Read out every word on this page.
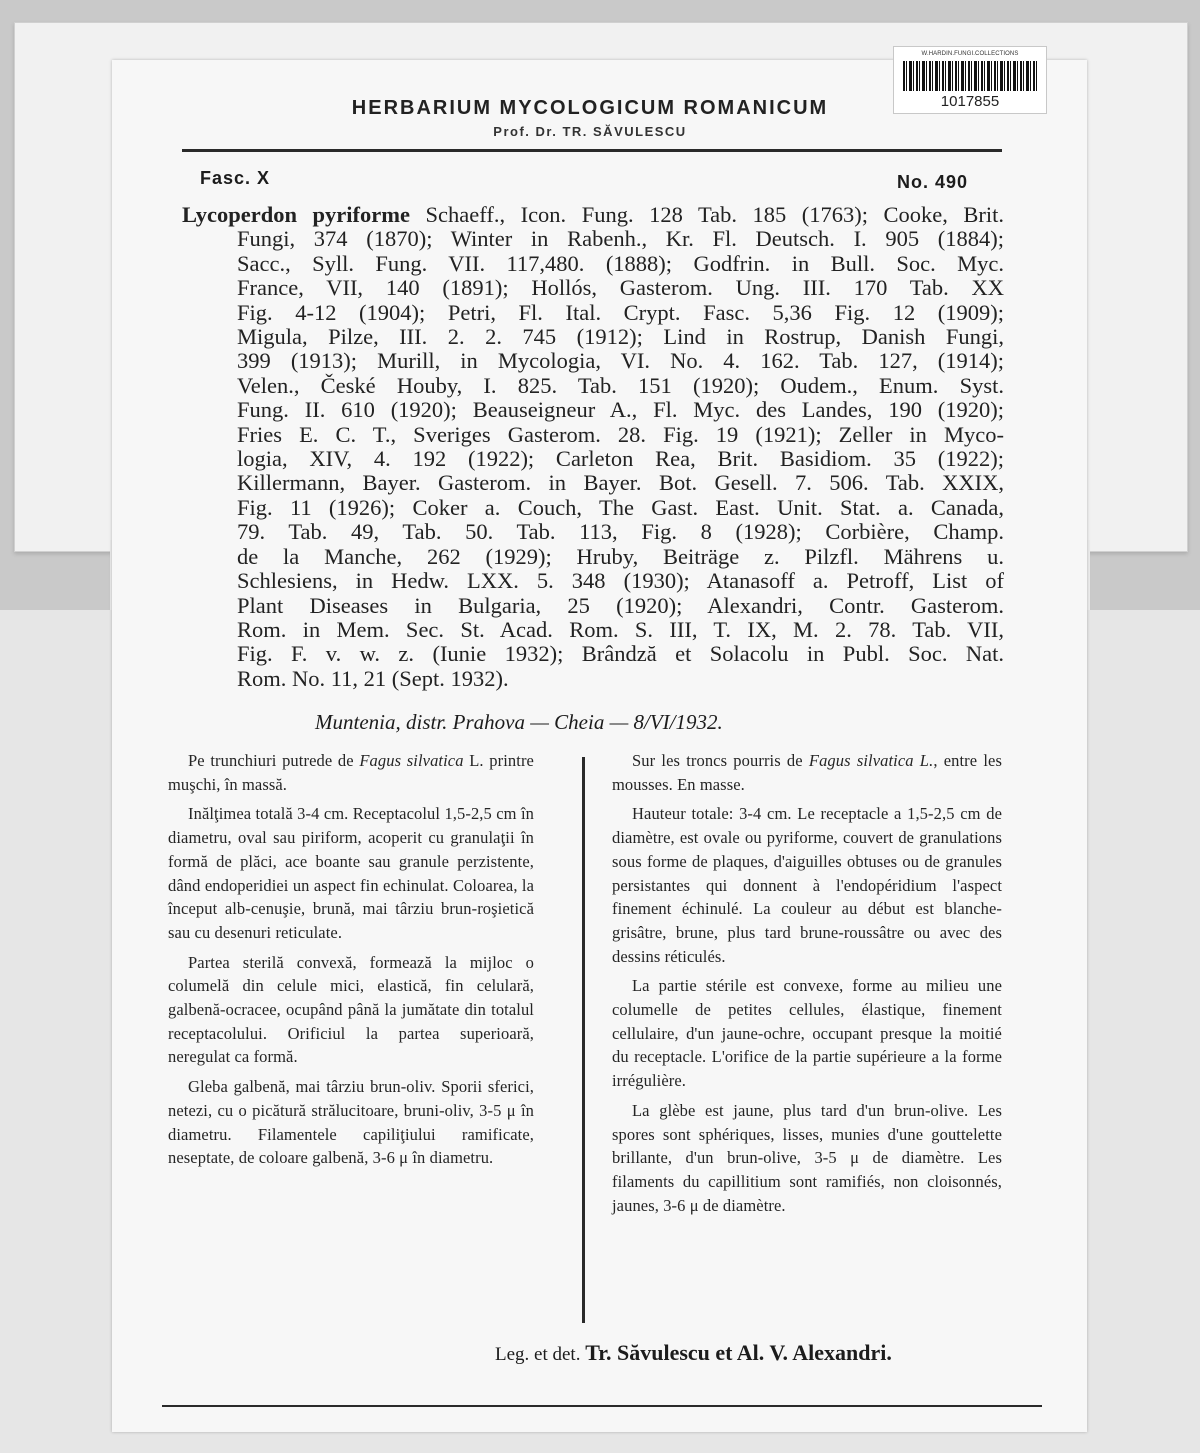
W.HARDIN.FUNGI.COLLECTIONS
1017855
HERBARIUM MYCOLOGICUM ROMANICUM
Prof. Dr. TR. SĂVULESCU
Fasc. X	No. 490
Lycoperdon pyriforme Schaeff., Icon. Fung. 128 Tab. 185 (1763); Cooke, Brit.
Fungi, 374 (1870); Winter in Rabenh., Kr. Fl. Deutsch. I. 905 (1884);
Sacc., Syll. Fung. VII. 117,480. (1888); Godfrin. in Bull. Soc. Myc.
France, VII, 140 (1891); Hollós, Gasterom. Ung. III. 170 Tab. XX
Fig. 4-12 (1904); Petri, Fl. Ital. Crypt. Fasc. 5,36 Fig. 12 (1909);
Migula, Pilze, III. 2. 2. 745 (1912); Lind in Rostrup, Danish Fungi,
399 (1913); Murill, in Mycologia, VI. No. 4. 162. Tab. 127, (1914);
Velen., České Houby, I. 825. Tab. 151 (1920); Oudem., Enum. Syst.
Fung. II. 610 (1920); Beauseigneur A., Fl. Myc. des Landes, 190 (1920);
Fries E. C. T., Sveriges Gasterom. 28. Fig. 19 (1921); Zeller in Myco-
logia, XIV, 4. 192 (1922); Carleton Rea, Brit. Basidiom. 35 (1922);
Killermann, Bayer. Gasterom. in Bayer. Bot. Gesell. 7. 506. Tab. XXIX,
Fig. 11 (1926); Coker a. Couch, The Gast. East. Unit. Stat. a. Canada,
79. Tab. 49, Tab. 50. Tab. 113, Fig. 8 (1928); Corbière, Champ.
de la Manche, 262 (1929); Hruby, Beiträge z. Pilzfl. Mährens u.
Schlesiens, in Hedw. LXX. 5. 348 (1930); Atanasoff a. Petroff, List of
Plant Diseases in Bulgaria, 25 (1920); Alexandri, Contr. Gasterom.
Rom. in Mem. Sec. St. Acad. Rom. S. III, T. IX, M. 2. 78. Tab. VII,
Fig. F. v. w. z. (Iunie 1932); Brândză et Solacolu in Publ. Soc. Nat.
Rom. No. 11, 21 (Sept. 1932).
Muntenia, distr. Prahova — Cheia — 8/VI/1932.

Pe trunchiuri putrede de Fagus silvatica L. printre muşchi, în massă.

Inălţimea totală 3-4 cm. Receptacolul 1,5-2,5 cm în diametru, oval sau piriform, acoperit cu granulaţii în formă de plăci, ace boante sau granule perzistente, dând endoperidiei un aspect fin echinulat. Coloarea, la început alb-cenuşie, brună, mai târziu brun-roşietică sau cu desenuri reticulate.

Partea sterilă convexă, formează la mijloc o columelă din celule mici, elastică, fin celulară, galbenă-ocracee, ocupând până la jumătate din totalul receptacolului. Orificiul la partea superioară, neregulat ca formă.

Gleba galbenă, mai târziu brun-oliv. Sporii sferici, netezi, cu o picătură strălucitoare, bruni-oliv, 3-5 μ în diametru. Filamentele capiliţiului ramificate, neseptate, de coloare galbenă, 3-6 μ în diametru.

Sur les troncs pourris de Fagus silvatica L., entre les mousses. En masse.

Hauteur totale: 3-4 cm. Le receptacle a 1,5-2,5 cm de diamètre, est ovale ou pyriforme, couvert de granulations sous forme de plaques, d'aiguilles obtuses ou de granules persistantes qui donnent à l'endopéridium l'aspect finement échinulé. La couleur au début est blanche-grisâtre, brune, plus tard brune-roussâtre ou avec des dessins réticulés.

La partie stérile est convexe, forme au milieu une columelle de petites cellules, élastique, finement cellulaire, d'un jaune-ochre, occupant presque la moitié du receptacle. L'orifice de la partie supérieure a la forme irrégulière.

La glèbe est jaune, plus tard d'un brun-olive. Les spores sont sphériques, lisses, munies d'une gouttelette brillante, d'un brun-olive, 3-5 μ de diamètre. Les filaments du capillitium sont ramifiés, non cloisonnés, jaunes, 3-6 μ de diamètre.

Leg. et det. Tr. Săvulescu et Al. V. Alexandri.
